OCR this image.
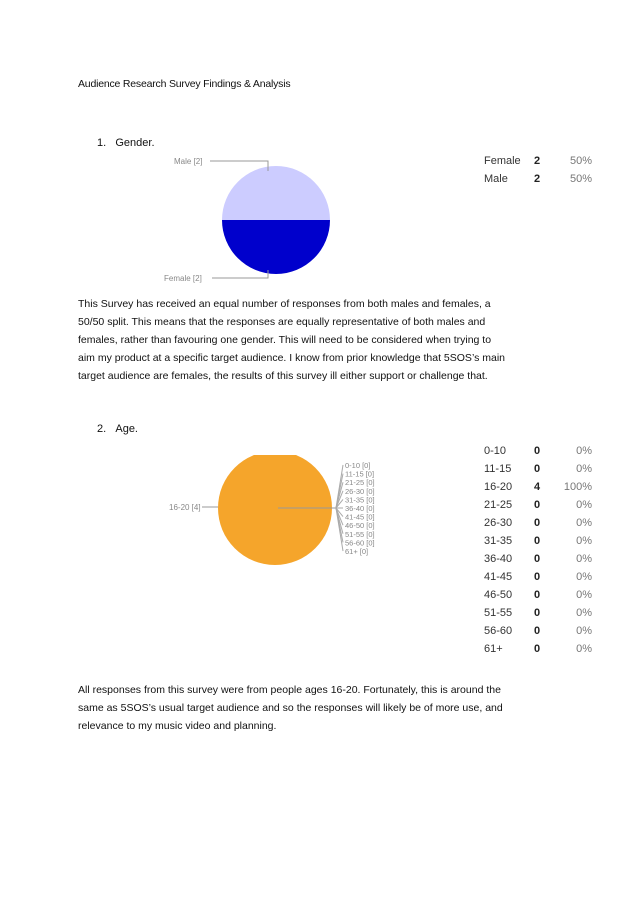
Audience Research Survey Findings & Analysis
1. Gender.
Male [2]
Female [2]
Female	2	50%
Male	2	50%
This Survey has received an equal number of responses from both males and females, a
50/50 split. This means that the responses are equally representative of both males and
females, rather than favouring one gender. This will need to be considered when trying to
aim my product at a specific target audience. I know from prior knowledge that 5SOS’s main
target audience are females, the results of this survey ill either support or challenge that.
2. Age.
16-20 [4]
0-10 [0]
11-15 [0]
21-25 [0]
26-30 [0]
31-35 [0]
36-40 [0]
41-45 [0]
46-50 [0]
51-55 [0]
56-60 [0]
61+ [0]
0-10	0	0%
11-15	0	0%
16-20	4	100%
21-25	0	0%
26-30	0	0%
31-35	0	0%
36-40	0	0%
41-45	0	0%
46-50	0	0%
51-55	0	0%
56-60	0	0%
61+	0	0%
All responses from this survey were from people ages 16-20. Fortunately, this is around the
same as 5SOS’s usual target audience and so the responses will likely be of more use, and
relevance to my music video and planning.
